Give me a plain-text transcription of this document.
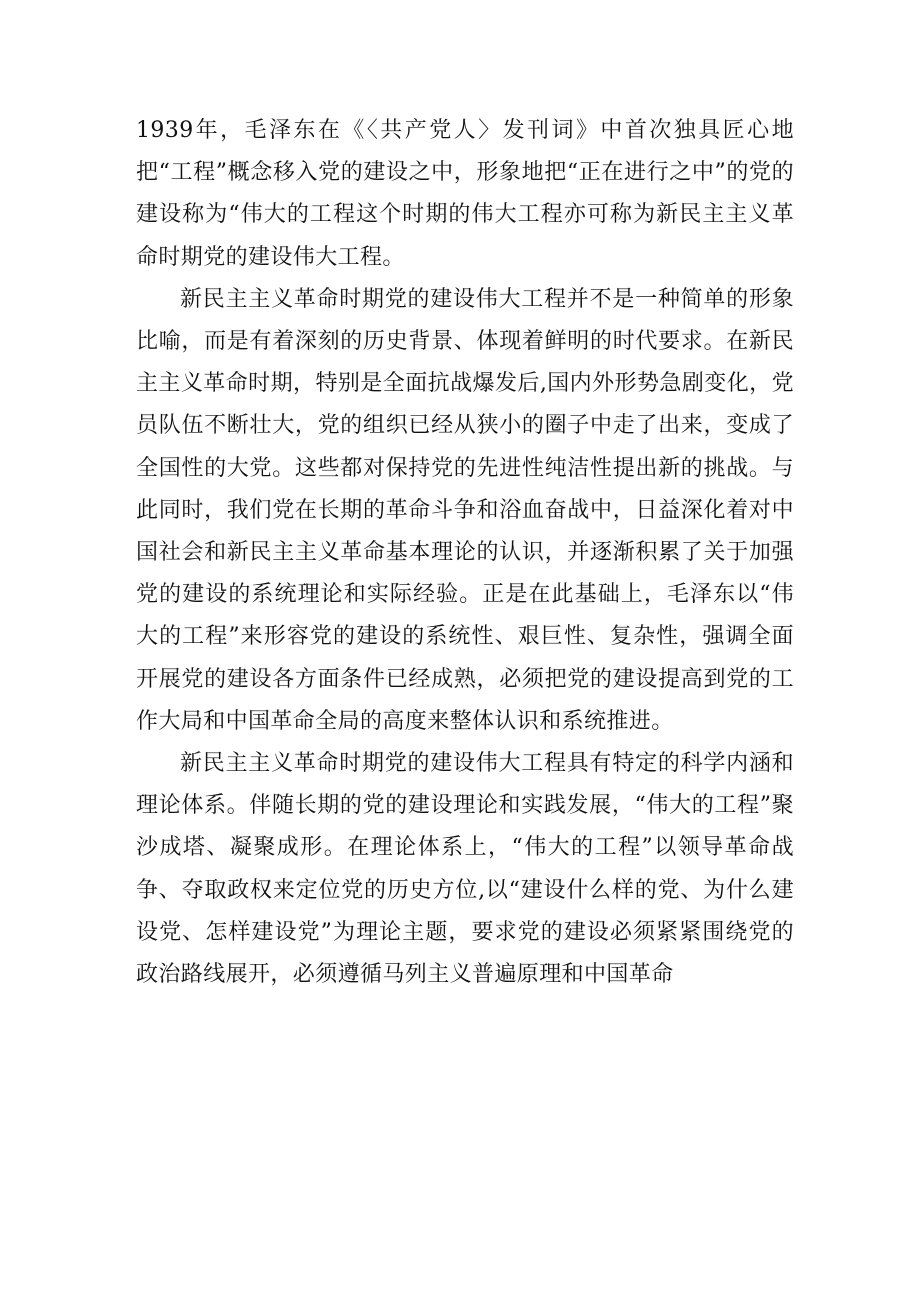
1939年，毛泽东在《〈共产党人〉发刊词》中首次独具匠心地把“工程”概念移入党的建设之中，形象地把“正在进行之中”的党的建设称为“伟大的工程这个时期的伟大工程亦可称为新民主主义革命时期党的建设伟大工程。

新民主主义革命时期党的建设伟大工程并不是一种简单的形象比喻，而是有着深刻的历史背景、体现着鲜明的时代要求。在新民主主义革命时期，特别是全面抗战爆发后,国内外形势急剧变化，党员队伍不断壮大，党的组织已经从狭小的圈子中走了出来，变成了全国性的大党。这些都对保持党的先进性纯洁性提出新的挑战。与此同时，我们党在长期的革命斗争和浴血奋战中，日益深化着对中国社会和新民主主义革命基本理论的认识，并逐渐积累了关于加强党的建设的系统理论和实际经验。正是在此基础上，毛泽东以“伟大的工程”来形容党的建设的系统性、艰巨性、复杂性，强调全面开展党的建设各方面条件已经成熟，必须把党的建设提高到党的工作大局和中国革命全局的高度来整体认识和系统推进。

新民主主义革命时期党的建设伟大工程具有特定的科学内涵和理论体系。伴随长期的党的建设理论和实践发展，“伟大的工程”聚沙成塔、凝聚成形。在理论体系上，“伟大的工程”以领导革命战争、夺取政权来定位党的历史方位,以“建设什么样的党、为什么建设党、怎样建设党”为理论主题，要求党的建设必须紧紧围绕党的政治路线展开，必须遵循马列主义普遍原理和中国革命
